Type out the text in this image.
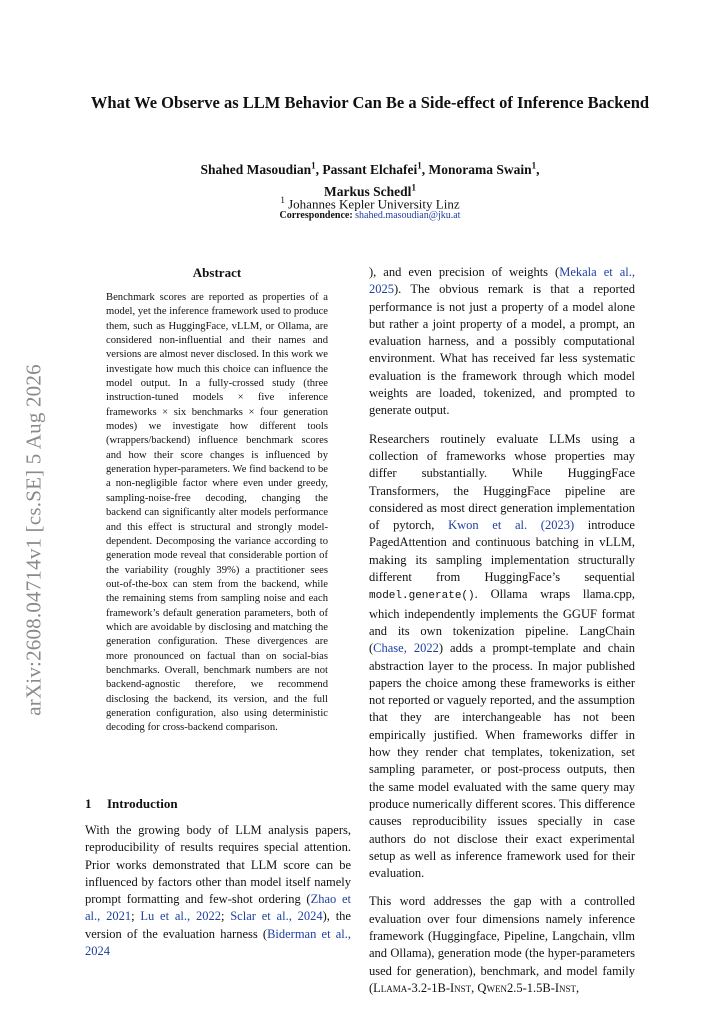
arXiv:2608.04714v1 [cs.SE] 5 Aug 2026
What We Observe as LLM Behavior Can Be a Side-effect of Inference Backend
Shahed Masoudian$^1$, Passant Elchafei$^1$, Monorama Swain$^1$,
Markus Schedl$^1$
$^1$ Johannes Kepler University Linz
Correspondence: shahed.masoudian@jku.at
Abstract
Benchmark scores are reported as properties of a model, yet the inference framework used to produce them, such as HuggingFace, vLLM, or Ollama, are considered non-influential and their names and versions are almost never disclosed. In this work we investigate how much this choice can influence the model output. In a fully-crossed study (three instruction-tuned models × five inference frameworks × six benchmarks × four generation modes) we investigate how different tools (wrappers/backend) influence benchmark scores and how their score changes is influenced by generation hyper-parameters. We find backend to be a non-negligible factor where even under greedy, sampling-noise-free decoding, changing the backend can significantly alter models performance and this effect is structural and strongly model-dependent. Decomposing the variance according to generation mode reveal that considerable portion of the variability (roughly 39%) a practitioner sees out-of-the-box can stem from the backend, while the remaining stems from sampling noise and each framework’s default generation parameters, both of which are avoidable by disclosing and matching the generation configuration. These divergences are more pronounced on factual than on social-bias benchmarks. Overall, benchmark numbers are not backend-agnostic therefore, we recommend disclosing the backend, its version, and the full generation configuration, also using deterministic decoding for cross-backend comparison.
1 Introduction
With the growing body of LLM analysis papers, reproducibility of results requires special attention. Prior works demonstrated that LLM score can be influenced by factors other than model itself namely prompt formatting and few-shot ordering (Zhao et al., 2021; Lu et al., 2022; Sclar et al., 2024), the version of the evaluation harness (Biderman et al., 2024

), and even precision of weights (Mekala et al., 2025). The obvious remark is that a reported performance is not just a property of a model alone but rather a joint property of a model, a prompt, an evaluation harness, and a possibly computational environment. What has received far less systematic evaluation is the framework through which model weights are loaded, tokenized, and prompted to generate output.

Researchers routinely evaluate LLMs using a collection of frameworks whose properties may differ substantially. While HuggingFace Transformers, the HuggingFace pipeline are considered as most direct generation implementation of pytorch, Kwon et al. (2023) introduce PagedAttention and continuous batching in vLLM, making its sampling implementation structurally different from HuggingFace’s sequential model.generate(). Ollama wraps llama.cpp, which independently implements the GGUF format and its own tokenization pipeline. LangChain (Chase, 2022) adds a prompt-template and chain abstraction layer to the process. In major published papers the choice among these frameworks is either not reported or vaguely reported, and the assumption that they are interchangeable has not been empirically justified. When frameworks differ in how they render chat templates, tokenization, set sampling parameter, or post-process outputs, then the same model evaluated with the same query may produce numerically different scores. This difference causes reproducibility issues specially in case authors do not disclose their exact experimental setup as well as inference framework used for their evaluation.

This word addresses the gap with a controlled evaluation over four dimensions namely inference framework (Huggingface, Pipeline, Langchain, vllm and Ollama), generation mode (the hyper-parameters used for generation), benchmark, and model family (Llama-3.2-1B-Inst, Qwen2.5-1.5B-Inst,
